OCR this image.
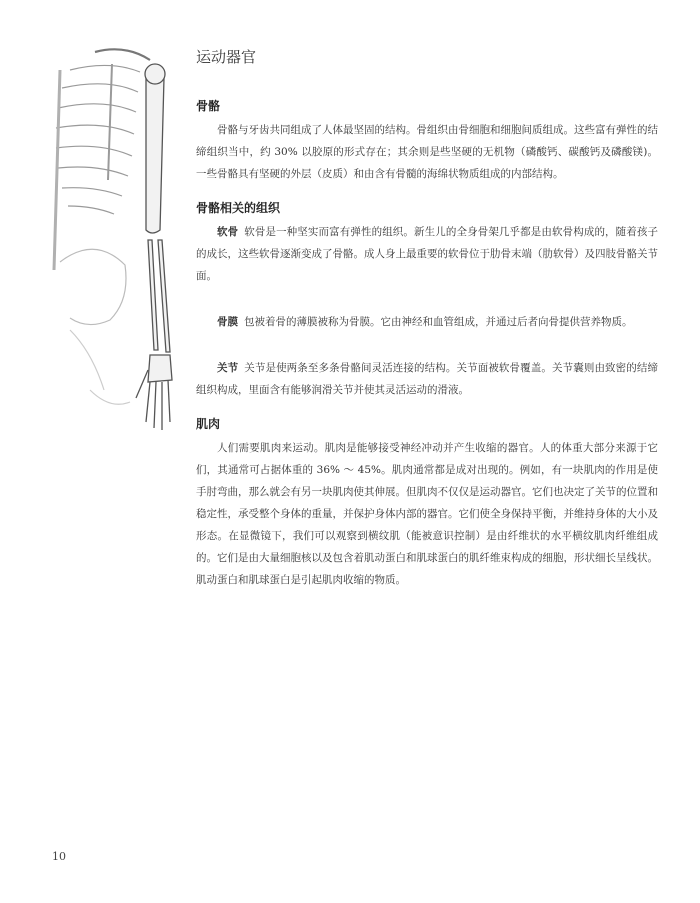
运动器官
骨骼

骨骼与牙齿共同组成了人体最坚固的结构。骨组织由骨细胞和细胞间质组成。这些富有弹性的结缔组织当中，约 30% 以胶原的形式存在；其余则是些坚硬的无机物（磷酸钙、碳酸钙及磷酸镁)。一些骨骼具有坚硬的外层（皮质）和由含有骨髓的海绵状物质组成的内部结构。

骨骼相关的组织

软骨 软骨是一种坚实而富有弹性的组织。新生儿的全身骨架几乎都是由软骨构成的，随着孩子的成长，这些软骨逐渐变成了骨骼。成人身上最重要的软骨位于肋骨末端（肋软骨）及四肢骨骼关节面。

骨膜 包被着骨的薄膜被称为骨膜。它由神经和血管组成，并通过后者向骨提供营养物质。

关节 关节是使两条至多条骨骼间灵活连接的结构。关节面被软骨覆盖。关节囊则由致密的结缔组织构成，里面含有能够润滑关节并使其灵活运动的滑液。

肌肉

人们需要肌肉来运动。肌肉是能够接受神经冲动并产生收缩的器官。人的体重大部分来源于它们，其通常可占据体重的 36% ～ 45%。肌肉通常都是成对出现的。例如，有一块肌肉的作用是使手肘弯曲，那么就会有另一块肌肉使其伸展。但肌肉不仅仅是运动器官。它们也决定了关节的位置和稳定性，承受整个身体的重量，并保护身体内部的器官。它们使全身保持平衡，并维持身体的大小及形态。在显微镜下，我们可以观察到横纹肌（能被意识控制）是由纤维状的水平横纹肌肉纤维组成的。它们是由大量细胞核以及包含着肌动蛋白和肌球蛋白的肌纤维束构成的细胞，形状细长呈线状。肌动蛋白和肌球蛋白是引起肌肉收缩的物质。

10
